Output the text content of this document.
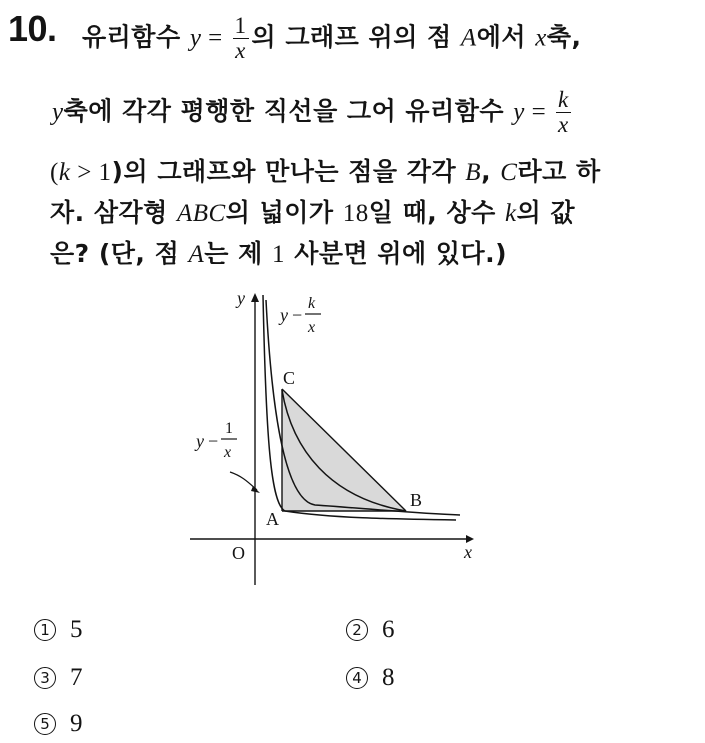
10. 유리함수 $y = \frac{1}{x}$ 의 그래프 위의 점 A에서 x축,
y축에 각각 평행한 직선을 그어 유리함수 $y = \frac{k}{x}$
(k > 1)의 그래프와 만나는 점을 각각 B, C라고 하
자. 삼각형 ABC의 넓이가 18일 때, 상수 k의 값
은? (단, 점 A는 제 1 사분면 위에 있다.)
y
x
O
A
B
C
y −
k
x
y −
1
x
1 5	2 6
3 7	4 8
5 9
